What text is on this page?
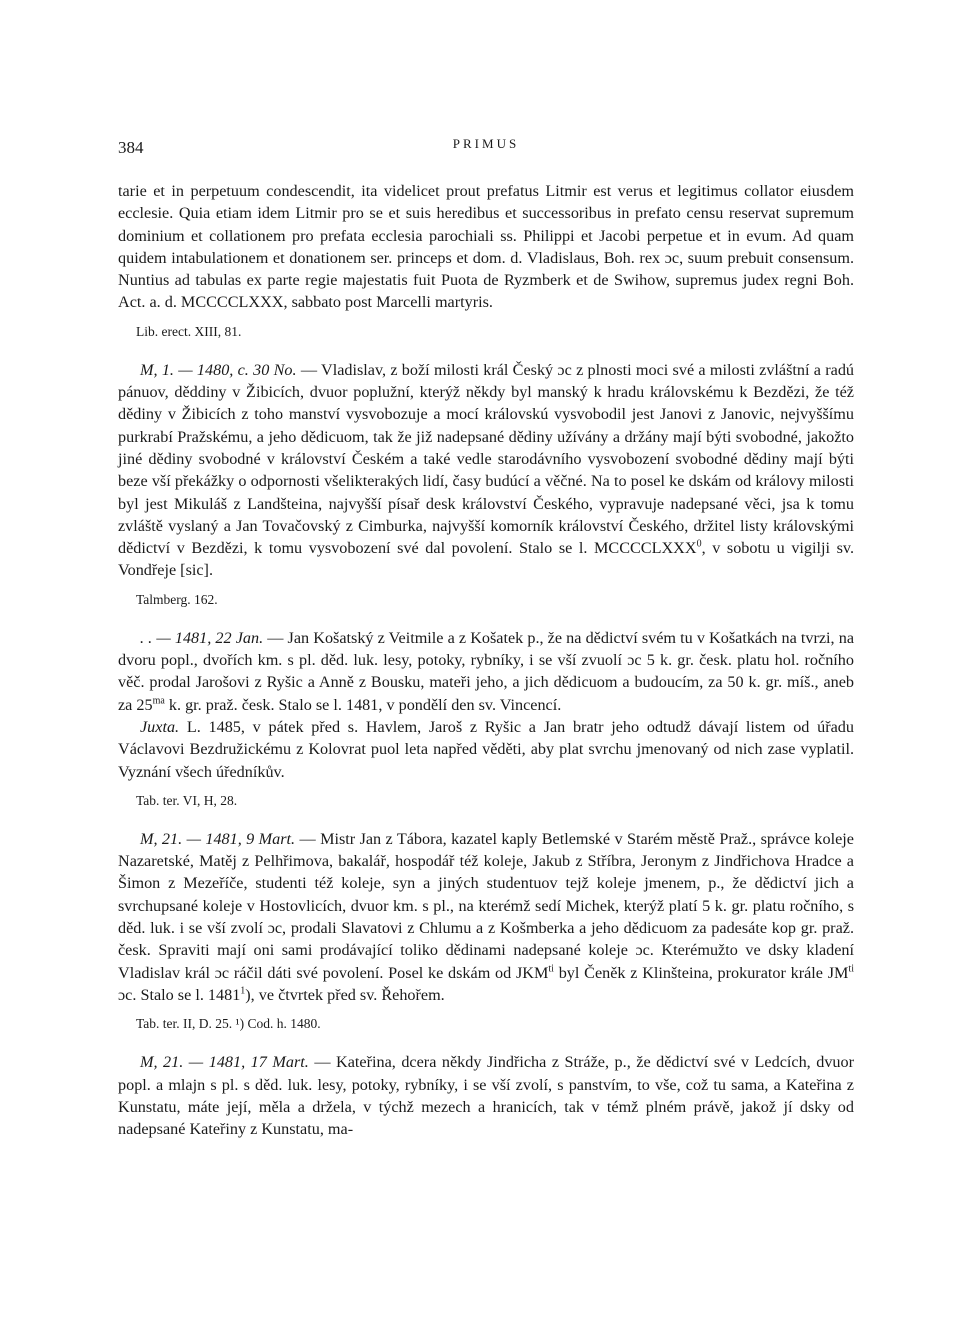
384	PRIMUS

tarie et in perpetuum condescendit, ita videlicet prout prefatus Litmir est verus et legitimus collator eiusdem ecclesie. Quia etiam idem Litmir pro se et suis heredibus et successoribus in prefato censu reservat supremum dominium et collationem pro prefata ecclesia parochiali ss. Philippi et Jacobi perpetue et in evum. Ad quam quidem intabulationem et donationem ser. princeps et dom. d. Vladislaus, Boh. rex ɔc, suum prebuit consensum. Nuntius ad tabulas ex parte regie majestatis fuit Puota de Ryzmberk et de Swihow, supremus judex regni Boh. Act. a. d. MCCCCLXXX, sabbato post Marcelli martyris.

Lib. erect. XIII, 81.

M, 1. — 1480, c. 30 No. — Vladislav, z boží milosti král Český ɔc z plnosti moci své a milosti zvláštní a radú pánuov, děddiny v Žibicích, dvuor poplužní, kterýž někdy byl manský k hradu královskému k Bezdězi, že též dědiny v Žibicích z toho manství vysvobozuje a mocí královskú vysvobodil jest Janovi z Janovic, nejvyššímu purkrabí Pražskému, a jeho dědicuom, tak že již nadepsané dědiny užívány a držány mají býti svobodné, jakožto jiné dědiny svobodné v království Českém a také vedle starodávního vysvobození svobodné dědiny mají býti beze vší překážky o odpornosti všelikterakých lidí, časy budúcí a věčné. Na to posel ke dskám od královy milosti byl jest Mikuláš z Landšteina, najvyšší písař desk království Českého, vypravuje nadepsané věci, jsa k tomu zvláště vyslaný a Jan Tovačovský z Cimburka, najvyšší komorník království Českého, držitel listy královskými dědictví v Bezdězi, k tomu vysvobození své dal povolení. Stalo se l. MCCCCLXXX$^0$, v sobotu u vigilji sv. Vondřeje [sic].

Talmberg. 162.

. . — 1481, 22 Jan. — Jan Košatský z Veitmile a z Košatek p., že na dědictví svém tu v Košatkách na tvrzi, na dvoru popl., dvořích km. s pl. děd. luk. lesy, potoky, rybníky, i se vší zvuolí ɔc 5 k. gr. česk. platu hol. ročního věč. prodal Jarošovi z Ryšic a Anně z Bousku, mateři jeho, a jich dědicuom a budoucím, za 50 k. gr. míš., aneb za $25^{ma}$ k. gr. praž. česk. Stalo se l. 1481, v pondělí den sv. Vincencí.

Juxta. L. 1485, v pátek před s. Havlem, Jaroš z Ryšic a Jan bratr jeho odtudž dávají listem od úřadu Václavovi Bezdružickému z Kolovrat puol leta napřed věděti, aby plat svrchu jmenovaný od nich zase vyplatil. Vyznání všech úředníkův.

Tab. ter. VI, H, 28.

M, 21. — 1481, 9 Mart. — Mistr Jan z Tábora, kazatel kaply Betlemské v Starém městě Praž., správce koleje Nazaretské, Matěj z Pelhřimova, bakalář, hospodář též koleje, Jakub z Stříbra, Jeronym z Jindřichova Hradce a Šimon z Mezeříče, studenti též koleje, syn a jiných studentuov tejž koleje jmenem, p., že dědictví jich a svrchupsané koleje v Hostovlicích, dvuor km. s pl., na kterémž sedí Michek, kterýž platí 5 k. gr. platu ročního, s děd. luk. i se vší zvolí ɔc, prodali Slavatovi z Chlumu a z Košmberka a jeho dědicuom za padesáte kop gr. praž. česk. Spraviti mají oni sami prodávající toliko dědinami nadepsané koleje ɔc. Kterémužto ve dsky kladení Vladislav král ɔc ráčil dáti své povolení. Posel ke dskám od $JKM^{ti}$ byl Čeněk z Klinšteina, prokurator krále $JM^{ti}$ ɔc. Stalo se l. 1481$^1$), ve čtvrtek před sv. Řehořem.

Tab. ter. II, D. 25. ¹) Cod. h. 1480.

M, 21. — 1481, 17 Mart. — Kateřina, dcera někdy Jindřicha z Stráže, p., že dědictví své v Ledcích, dvuor popl. a mlajn s pl. s děd. luk. lesy, potoky, rybníky, i se vší zvolí, s panstvím, to vše, což tu sama, a Kateřina z Kunstatu, máte její, měla a držela, v týchž mezech a hranicích, tak v témž plném právě, jakož jí dsky od nadepsané Kateřiny z Kunstatu, ma-
